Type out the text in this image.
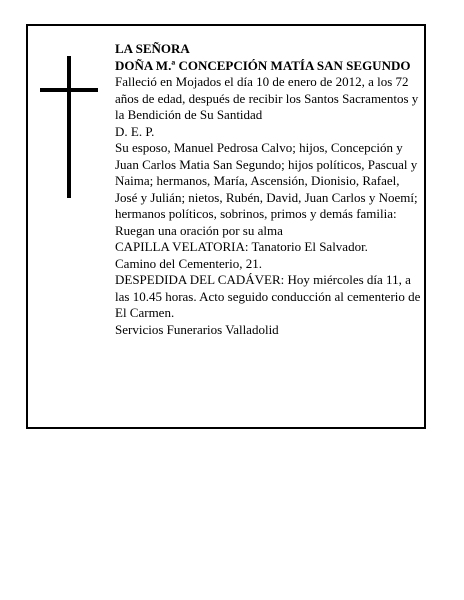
LA SEÑORA

DOÑA M.ª CONCEPCIÓN MATÍA SAN SEGUNDO

Falleció en Mojados el día 10 de enero de 2012, a los 72 años de edad, después de recibir los Santos Sacramentos y la Bendición de Su Santidad

D. E. P.

Su esposo, Manuel Pedrosa Calvo; hijos, Concepción y Juan Carlos Matia San Segundo; hijos políticos, Pascual y Naima; hermanos, María, Ascensión, Dionisio, Rafael, José y Julián; nietos, Rubén, David, Juan Carlos y Noemí; hermanos políticos, sobrinos, primos y demás familia:

Ruegan una oración por su alma

CAPILLA VELATORIA: Tanatorio El Salvador.

Camino del Cementerio, 21.

DESPEDIDA DEL CADÁVER: Hoy miércoles día 11, a las 10.45 horas. Acto seguido conducción al cementerio de El Carmen.

Servicios Funerarios Valladolid
